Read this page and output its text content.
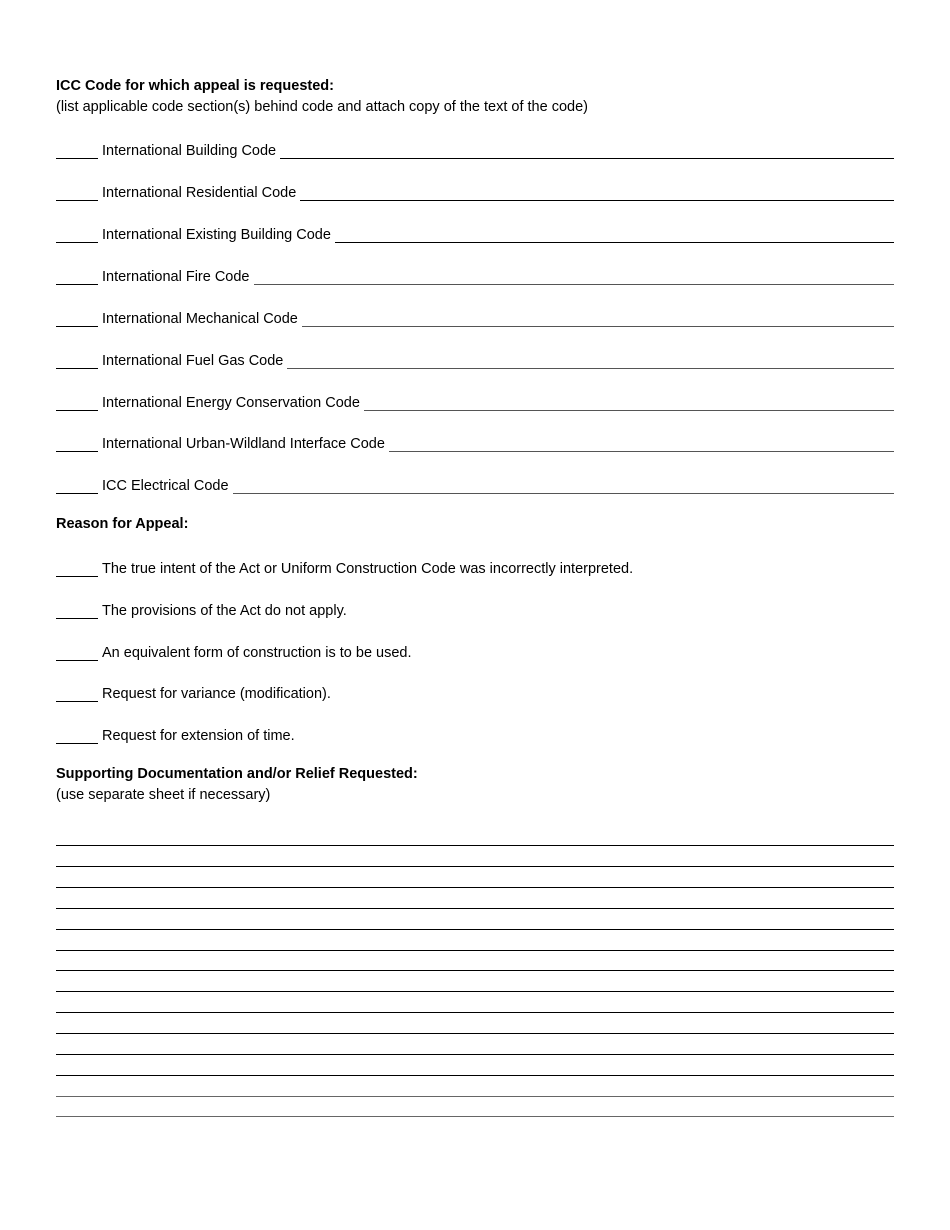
ICC Code for which appeal is requested:
(list applicable code section(s) behind code and attach copy of the text of the code)
International Building Code
International Residential Code
International Existing Building Code
International Fire Code
International Mechanical Code
International Fuel Gas Code
International Energy Conservation Code
International Urban-Wildland Interface Code
ICC Electrical Code
Reason for Appeal:
The true intent of the Act or Uniform Construction Code was incorrectly interpreted.
The provisions of the Act do not apply.
An equivalent form of construction is to be used.
Request for variance (modification).
Request for extension of time.
Supporting Documentation and/or Relief Requested:
(use separate sheet if necessary)
